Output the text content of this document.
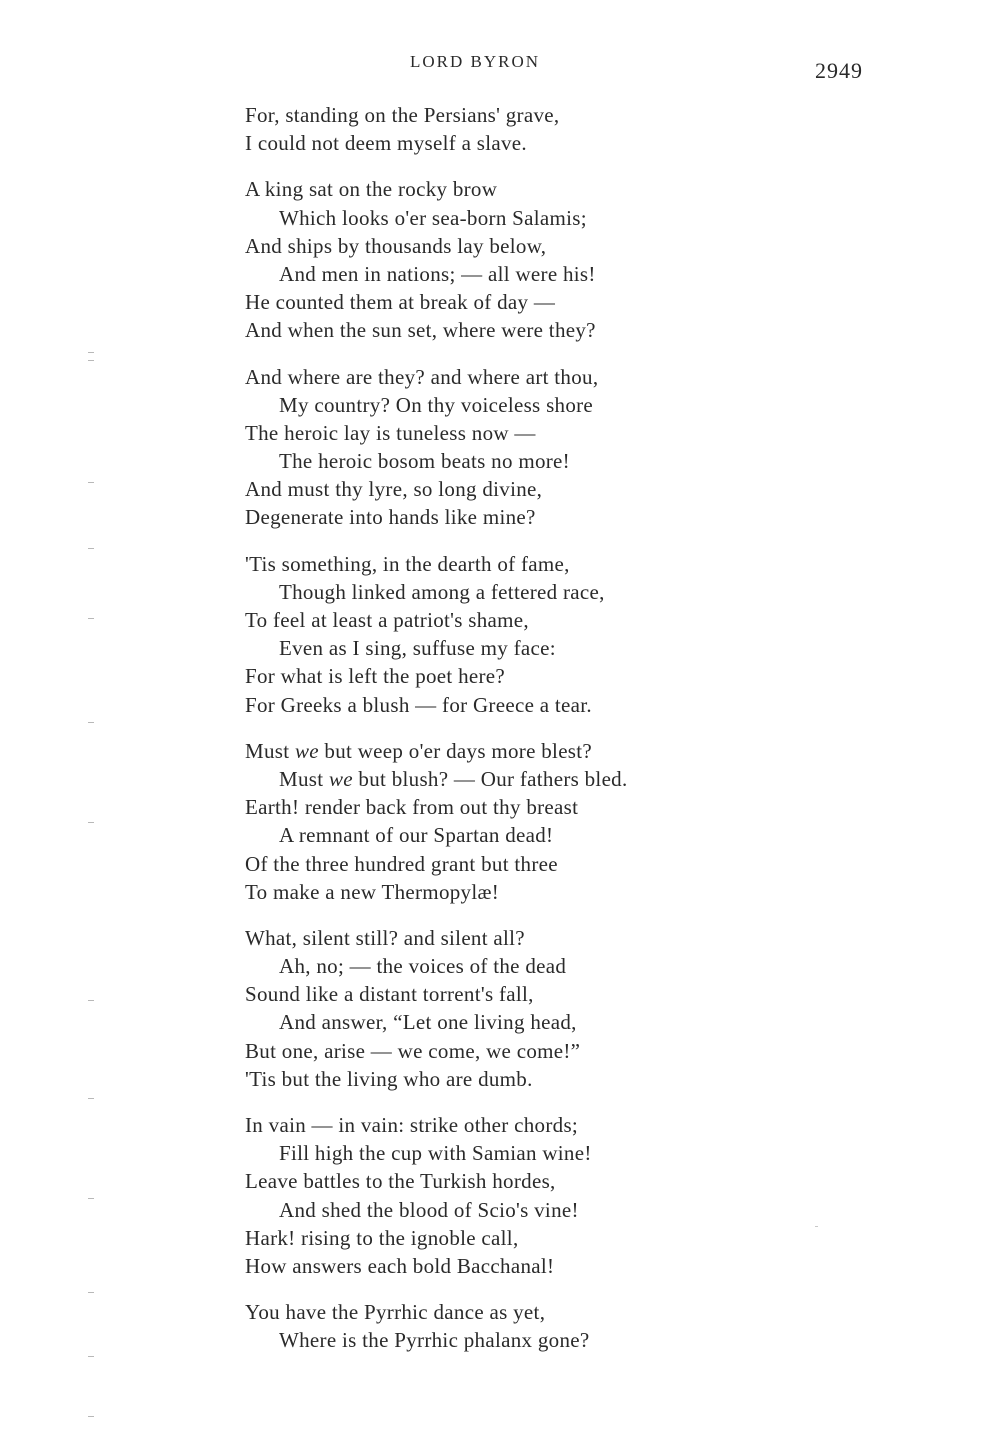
LORD BYRON	2949
For, standing on the Persians' grave,
I could not deem myself a slave.
A king sat on the rocky brow
Which looks o'er sea-born Salamis;
And ships by thousands lay below,
And men in nations; — all were his!
He counted them at break of day —
And when the sun set, where were they?
And where are they? and where art thou,
My country? On thy voiceless shore
The heroic lay is tuneless now —
The heroic bosom beats no more!
And must thy lyre, so long divine,
Degenerate into hands like mine?
'Tis something, in the dearth of fame,
Though linked among a fettered race,
To feel at least a patriot's shame,
Even as I sing, suffuse my face:
For what is left the poet here?
For Greeks a blush — for Greece a tear.
Must we but weep o'er days more blest?
Must we but blush? — Our fathers bled.
Earth! render back from out thy breast
A remnant of our Spartan dead!
Of the three hundred grant but three
To make a new Thermopylæ!
What, silent still? and silent all?
Ah, no; — the voices of the dead
Sound like a distant torrent's fall,
And answer, “Let one living head,
But one, arise — we come, we come!”
'Tis but the living who are dumb.
In vain — in vain: strike other chords;
Fill high the cup with Samian wine!
Leave battles to the Turkish hordes,
And shed the blood of Scio's vine!
Hark! rising to the ignoble call,
How answers each bold Bacchanal!
You have the Pyrrhic dance as yet,
Where is the Pyrrhic phalanx gone?
